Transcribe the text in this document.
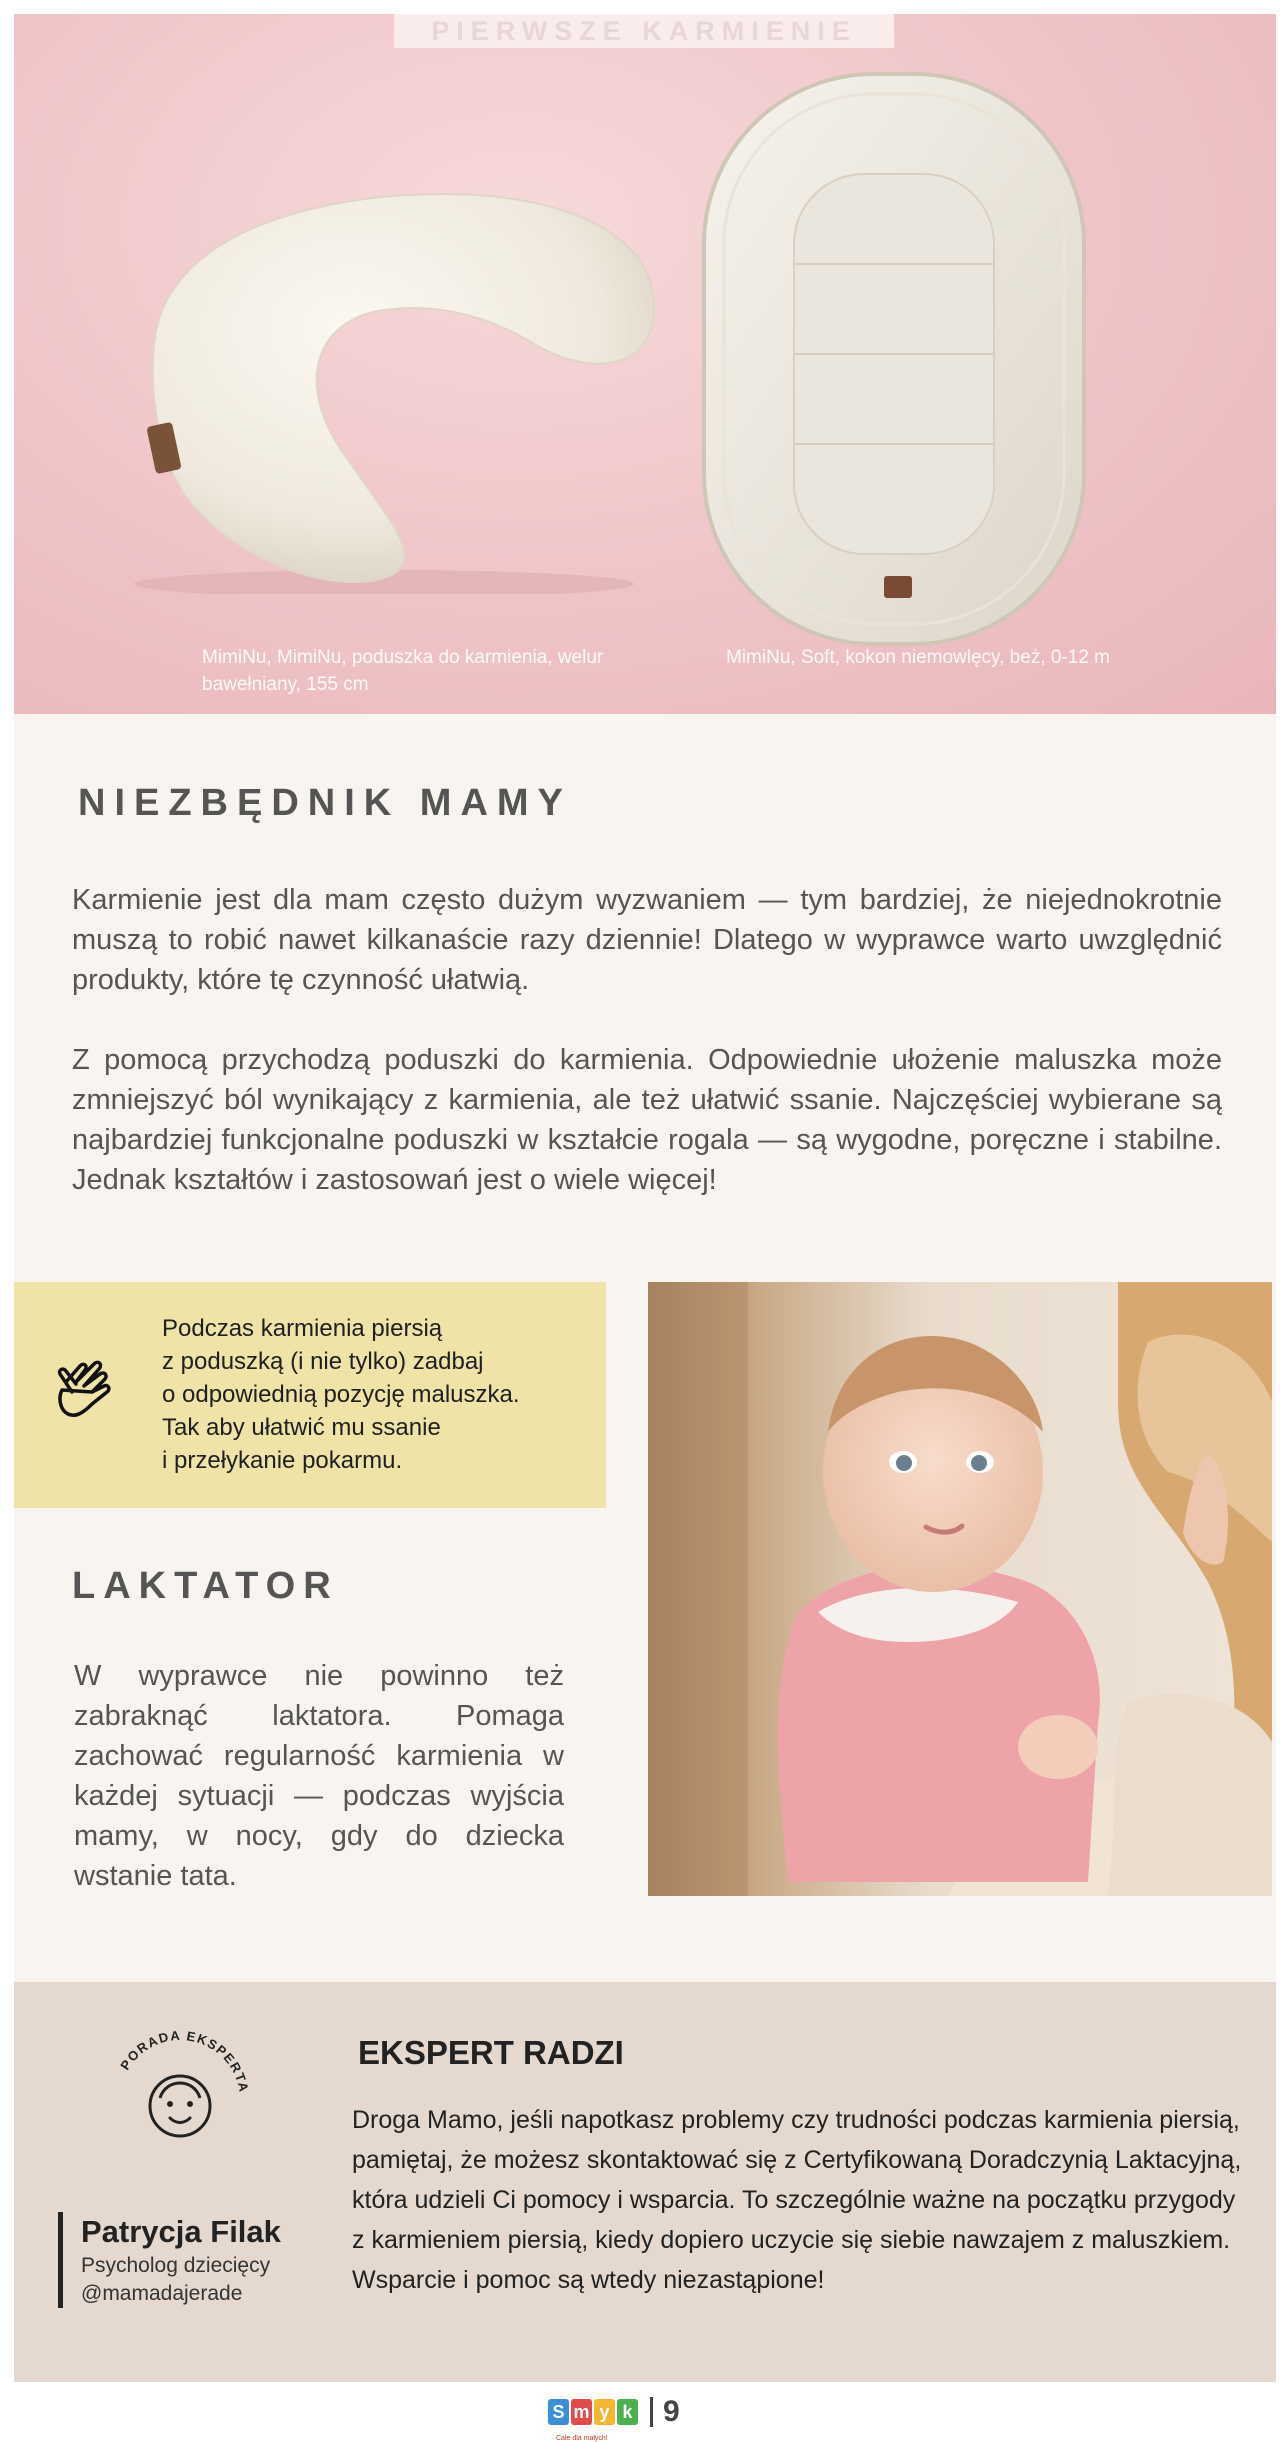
PIERWSZE KARMIENIE
MimiNu, MimiNu, poduszka do karmienia, welur bawełniany, 155 cm
MimiNu, Soft, kokon niemowlęcy, beż, 0-12 m
NIEZBĘDNIK MAMY

Karmienie jest dla mam często dużym wyzwaniem — tym bardziej, że niejednokrotnie muszą to robić nawet kilkanaście razy dziennie! Dlatego w wyprawce warto uwzględnić produkty, które tę czynność ułatwią.

Z pomocą przychodzą poduszki do karmienia. Odpowiednie ułożenie maluszka może zmniejszyć ból wynikający z karmienia, ale też ułatwić ssanie. Najczęściej wybierane są najbardziej funkcjonalne poduszki w kształcie rogala — są wygodne, poręczne i stabilne. Jednak kształtów i zastosowań jest o wiele więcej!

Podczas karmienia piersią
z poduszką (i nie tylko) zadbaj
o odpowiednią pozycję maluszka.
Tak aby ułatwić mu ssanie
i przełykanie pokarmu.
LAKTATOR

W wyprawce nie powinno też zabraknąć laktatora. Pomaga zachować regularność karmienia w każdej sytuacji — podczas wyjścia mamy, w nocy, gdy do dziecka wstanie tata.

PORADA EKSPERTA
Patrycja Filak
Psycholog dziecięcy
@mamadajerade
EKSPERT RADZI

Droga Mamo, jeśli napotkasz problemy czy trudności podczas karmienia piersią, pamiętaj, że możesz skontaktować się z Certyfikowaną Doradczynią Laktacyjną, która udzieli Ci pomocy i wsparcia. To szczególnie ważne na początku przygody z karmieniem piersią, kiedy dopiero uczycie się siebie nawzajem z maluszkiem. Wsparcie i pomoc są wtedy niezastąpione!

S m y k
Całe dla małych!
9
